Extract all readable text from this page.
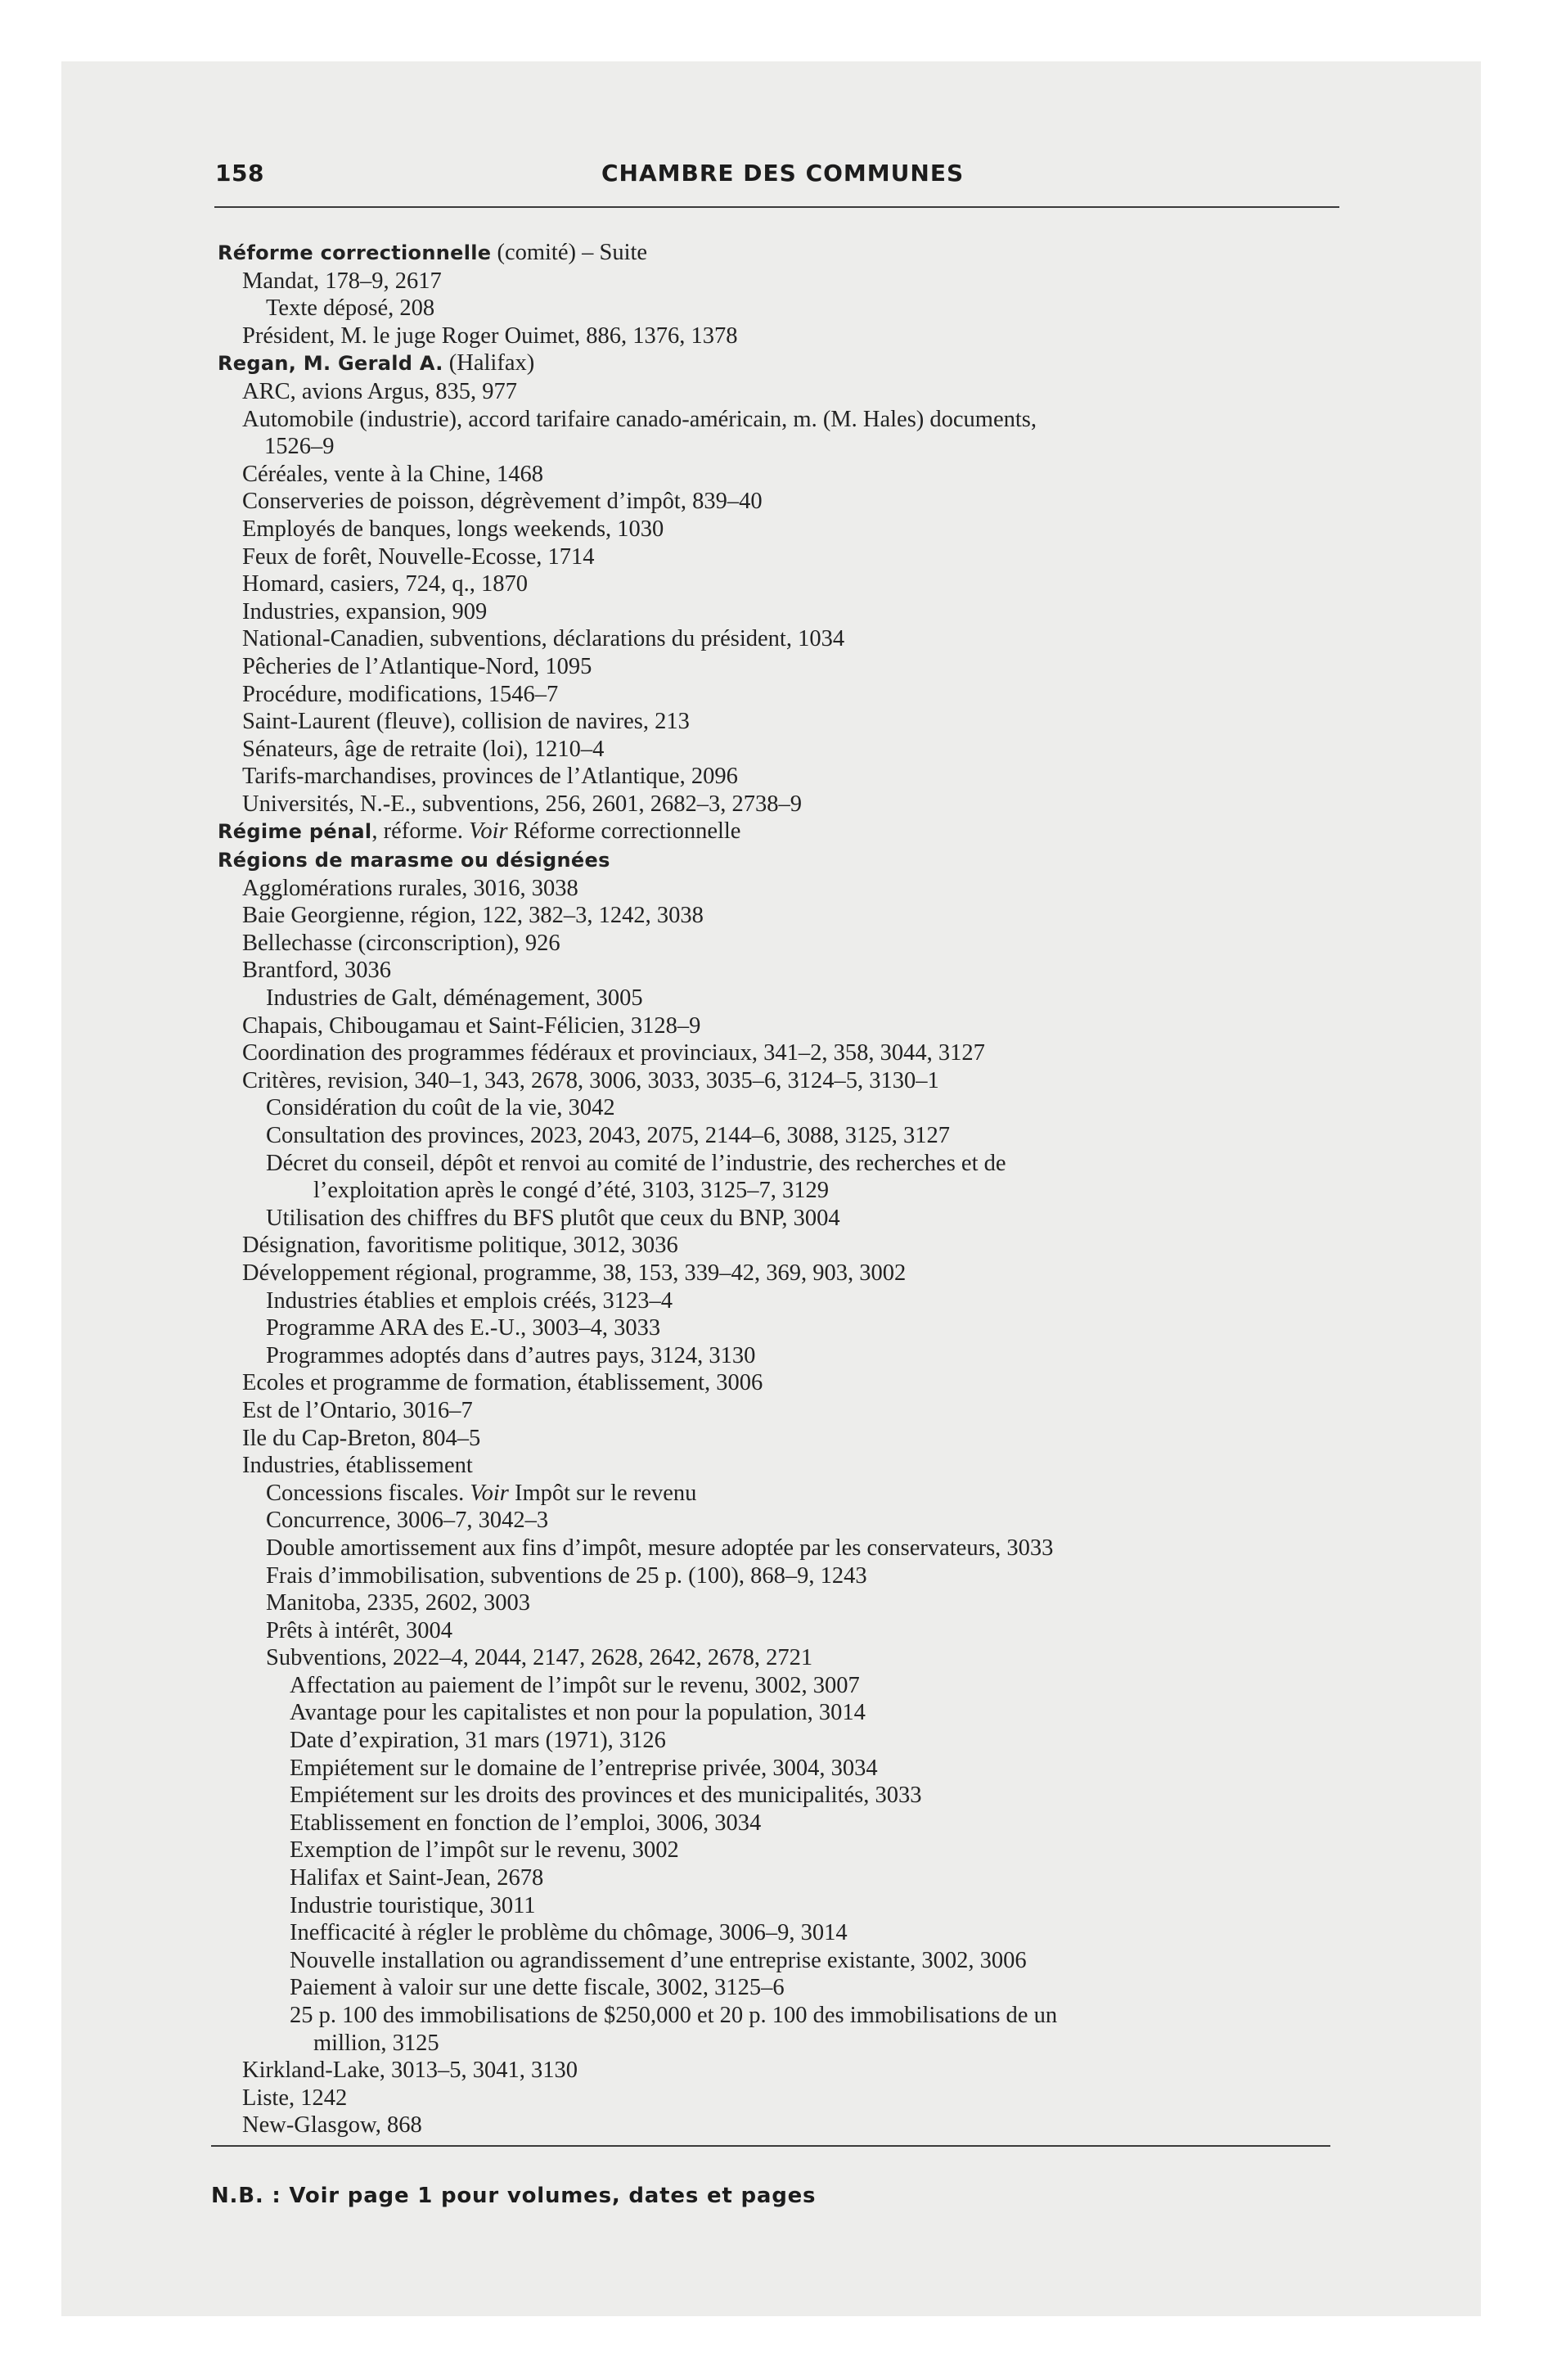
158	CHAMBRE DES COMMUNES
Réforme correctionnelle (comité) – Suite
Mandat, 178–9, 2617
Texte déposé, 208
Président, M. le juge Roger Ouimet, 886, 1376, 1378
Regan, M. Gerald A. (Halifax)
ARC, avions Argus, 835, 977
Automobile (industrie), accord tarifaire canado-américain, m. (M. Hales) documents,
1526–9
Céréales, vente à la Chine, 1468
Conserveries de poisson, dégrèvement d’impôt, 839–40
Employés de banques, longs weekends, 1030
Feux de forêt, Nouvelle-Ecosse, 1714
Homard, casiers, 724, q., 1870
Industries, expansion, 909
National-Canadien, subventions, déclarations du président, 1034
Pêcheries de l’Atlantique-Nord, 1095
Procédure, modifications, 1546–7
Saint-Laurent (fleuve), collision de navires, 213
Sénateurs, âge de retraite (loi), 1210–4
Tarifs-marchandises, provinces de l’Atlantique, 2096
Universités, N.-E., subventions, 256, 2601, 2682–3, 2738–9
Régime pénal, réforme. Voir Réforme correctionnelle
Régions de marasme ou désignées
Agglomérations rurales, 3016, 3038
Baie Georgienne, région, 122, 382–3, 1242, 3038
Bellechasse (circonscription), 926
Brantford, 3036
Industries de Galt, déménagement, 3005
Chapais, Chibougamau et Saint-Félicien, 3128–9
Coordination des programmes fédéraux et provinciaux, 341–2, 358, 3044, 3127
Critères, revision, 340–1, 343, 2678, 3006, 3033, 3035–6, 3124–5, 3130–1
Considération du coût de la vie, 3042
Consultation des provinces, 2023, 2043, 2075, 2144–6, 3088, 3125, 3127
Décret du conseil, dépôt et renvoi au comité de l’industrie, des recherches et de
l’exploitation après le congé d’été, 3103, 3125–7, 3129
Utilisation des chiffres du BFS plutôt que ceux du BNP, 3004
Désignation, favoritisme politique, 3012, 3036
Développement régional, programme, 38, 153, 339–42, 369, 903, 3002
Industries établies et emplois créés, 3123–4
Programme ARA des E.-U., 3003–4, 3033
Programmes adoptés dans d’autres pays, 3124, 3130
Ecoles et programme de formation, établissement, 3006
Est de l’Ontario, 3016–7
Ile du Cap-Breton, 804–5
Industries, établissement
Concessions fiscales. Voir Impôt sur le revenu
Concurrence, 3006–7, 3042–3
Double amortissement aux fins d’impôt, mesure adoptée par les conservateurs, 3033
Frais d’immobilisation, subventions de 25 p. (100), 868–9, 1243
Manitoba, 2335, 2602, 3003
Prêts à intérêt, 3004
Subventions, 2022–4, 2044, 2147, 2628, 2642, 2678, 2721
Affectation au paiement de l’impôt sur le revenu, 3002, 3007
Avantage pour les capitalistes et non pour la population, 3014
Date d’expiration, 31 mars (1971), 3126
Empiétement sur le domaine de l’entreprise privée, 3004, 3034
Empiétement sur les droits des provinces et des municipalités, 3033
Etablissement en fonction de l’emploi, 3006, 3034
Exemption de l’impôt sur le revenu, 3002
Halifax et Saint-Jean, 2678
Industrie touristique, 3011
Inefficacité à régler le problème du chômage, 3006–9, 3014
Nouvelle installation ou agrandissement d’une entreprise existante, 3002, 3006
Paiement à valoir sur une dette fiscale, 3002, 3125–6
25 p. 100 des immobilisations de $250,000 et 20 p. 100 des immobilisations de un
million, 3125
Kirkland-Lake, 3013–5, 3041, 3130
Liste, 1242
New-Glasgow, 868
N.B. : Voir page 1 pour volumes, dates et pages
